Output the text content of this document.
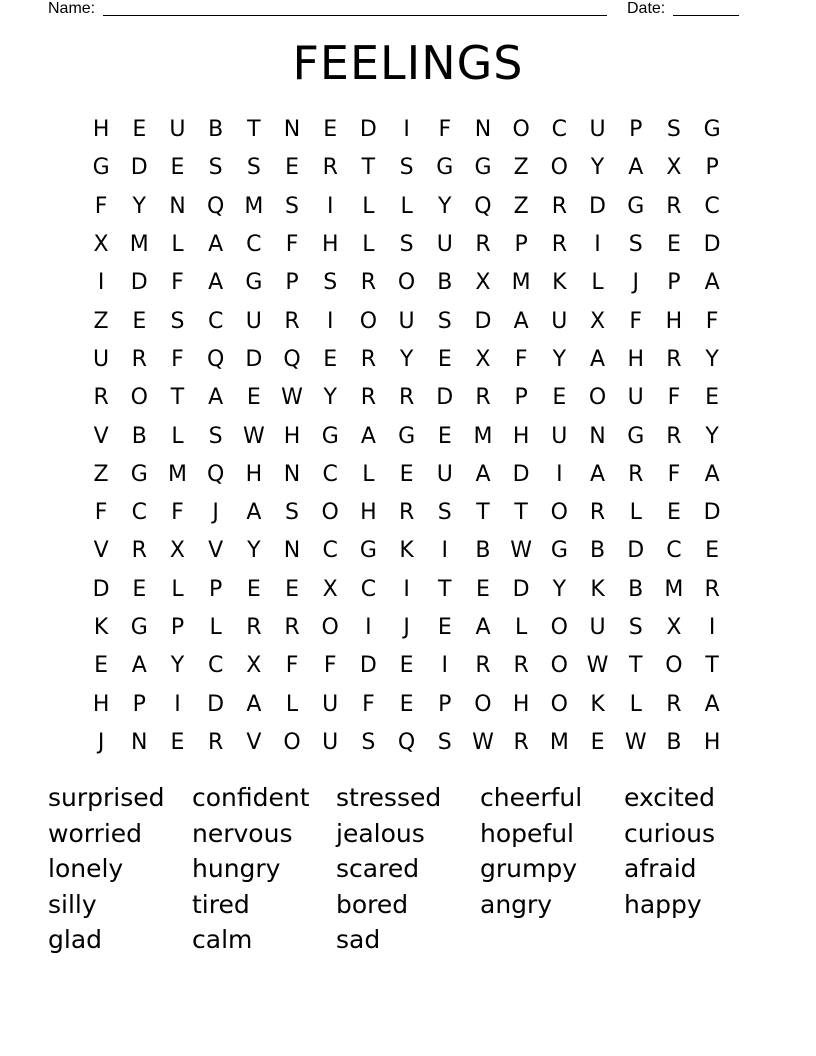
Name:	Date:
FEELINGS
H	E	U	B	T	N	E	D	I	F	N O C	U	P	S	G
G D	E	S	S	E	R	T	S	G G	Z O	Y	A	X	P
F	Y	N Q M S	I	L	L	Y	Q Z	R	D G	R	C
X M	L	A	C	F	H	L	S	U	R	P	R	I	S	E	D
I	D	F	A	G	P	S	R O B	X M K	L	J	P	A
Z	E	S	C	U	R	I	O U	S	D	A	U	X	F	H	F
U	R	F	Q D Q	E	R	Y	E	X	F	Y	A	H	R	Y
R O	T	A	E W Y	R	R	D	R	P	E	O U	F	E
V	B	L	S W H G	A	G	E M H U N G	R	Y
Z	G M Q H N	C	L	E	U	A	D	I	A	R	F	A
F	C	F	J	A	S	O H	R	S	T	T	O R	L	E	D
V	R	X	V	Y	N	C G	K	I	B W G	B	D	C	E
D	E	L	P	E	E	X	C	I	T	E	D	Y	K	B M R
K	G	P	L	R	R O	I	J	E	A	L	O U	S	X	I
E	A	Y	C	X	F	F	D	E	I	R	R O W T	O	T
H	P	I	D	A	L	U	F	E	P	O H O	K	L	R	A
J	N	E	R	V O U	S	Q	S W R M E W B	H
surprised	confident	stressed	cheerful	excited
worried	nervous	jealous	hopeful	curious
lonely	hungry	scared	grumpy	afraid
silly	tired	bored	angry	happy
glad	calm	sad
